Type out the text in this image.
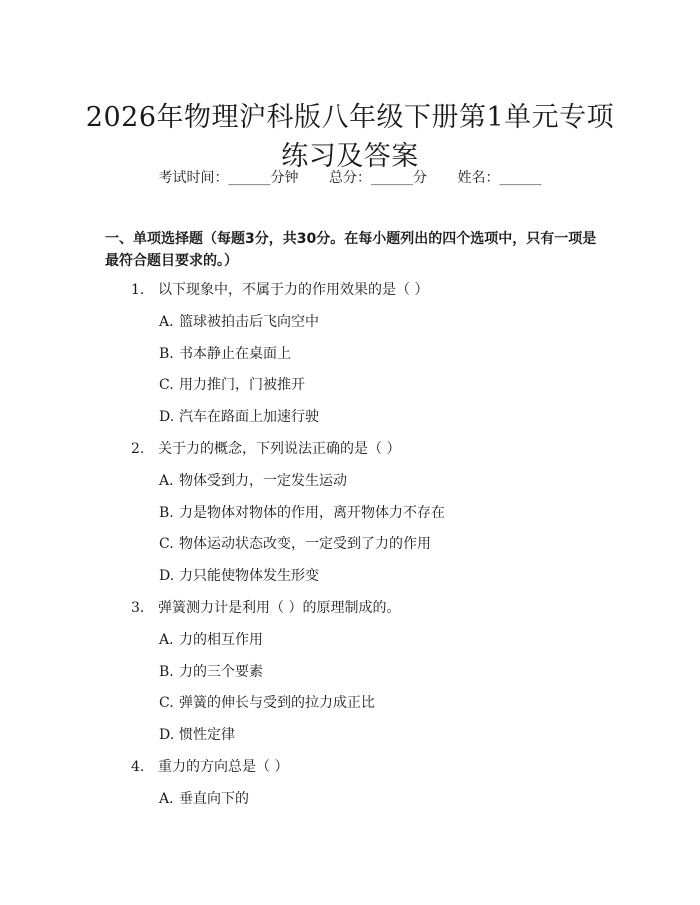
2026年物理沪科版八年级下册第1单元专项
练习及答案
考试时间：______分钟 总分：______分 姓名：______
一、单项选择题（每题3分，共30分。在每小题列出的四个选项中，只有一项是最符合题目要求的。）
1. 以下现象中，不属于力的作用效果的是（ ）
A. 篮球被拍击后飞向空中
B. 书本静止在桌面上
C. 用力推门，门被推开
D. 汽车在路面上加速行驶
2. 关于力的概念，下列说法正确的是（ ）
A. 物体受到力，一定发生运动
B. 力是物体对物体的作用，离开物体力不存在
C. 物体运动状态改变，一定受到了力的作用
D. 力只能使物体发生形变
3. 弹簧测力计是利用（ ）的原理制成的。
A. 力的相互作用
B. 力的三个要素
C. 弹簧的伸长与受到的拉力成正比
D. 惯性定律
4. 重力的方向总是（ ）
A. 垂直向下的
